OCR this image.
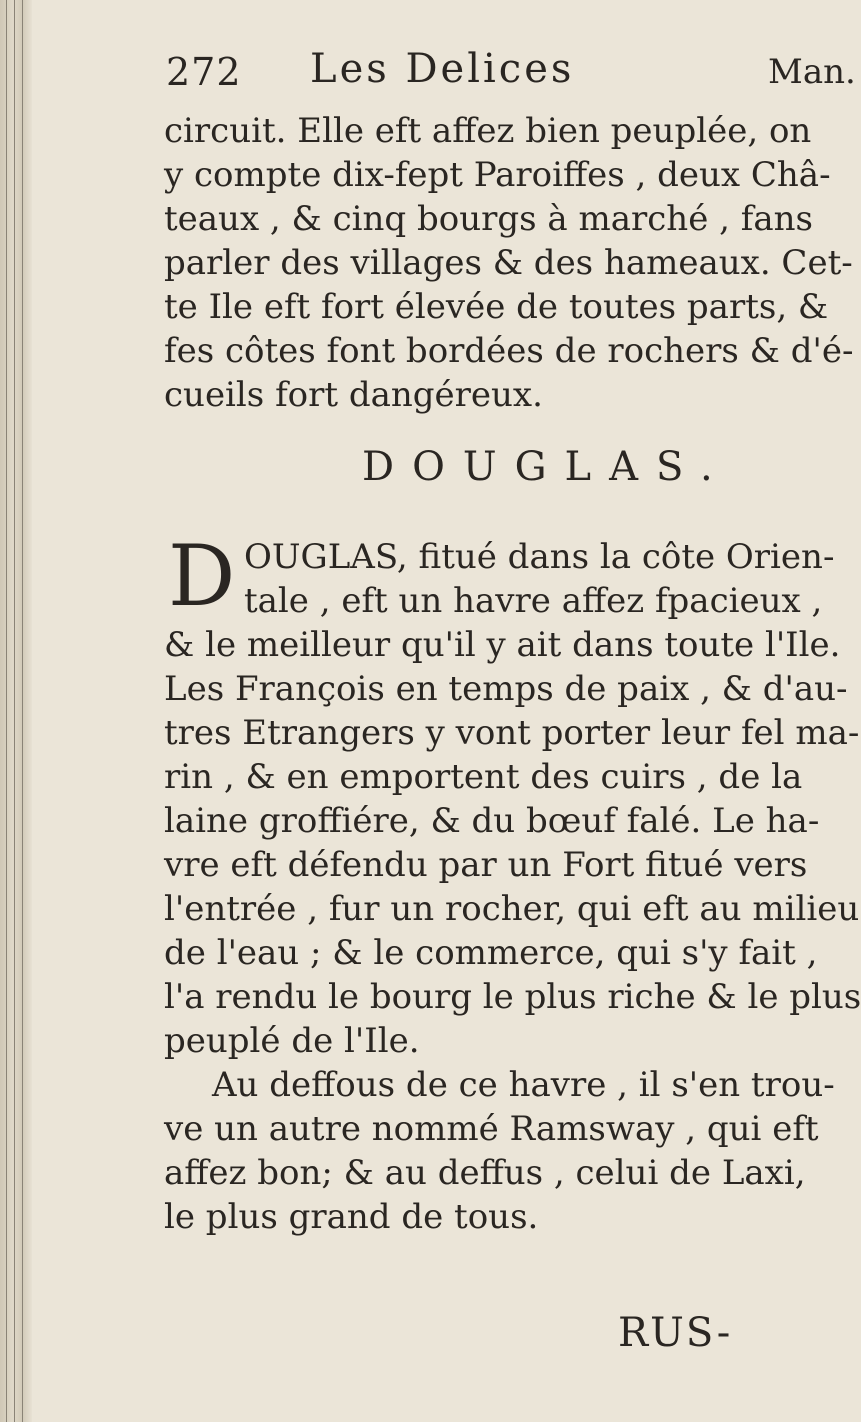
272 Les Delices	Man.
circuit. Elle eft affez bien peuplée, on
y compte dix-fept Paroiffes , deux Châ-
teaux , & cinq bourgs à marché , fans
parler des villages & des hameaux. Cet-
te Ile eft fort élevée de toutes parts, &
fes côtes font bordées de rochers & d'é-
cueils fort dangéreux.
DOUGLAS.
D OUGLAS, fitué dans la côte Orien-
tale , eft un havre affez fpacieux ,
& le meilleur qu'il y ait dans toute l'Ile.
Les François en temps de paix , & d'au-
tres Etrangers y vont porter leur fel ma-
rin , & en emportent des cuirs , de la
laine groffiére, & du bœuf falé. Le ha-
vre eft défendu par un Fort fitué vers
l'entrée , fur un rocher, qui eft au milieu
de l'eau ; & le commerce, qui s'y fait ,
l'a rendu le bourg le plus riche & le plus
peuplé de l'Ile.
Au deffous de ce havre , il s'en trou-
ve un autre nommé Ramsway , qui eft
affez bon; & au deffus , celui de Laxi,
le plus grand de tous.
RUS-
